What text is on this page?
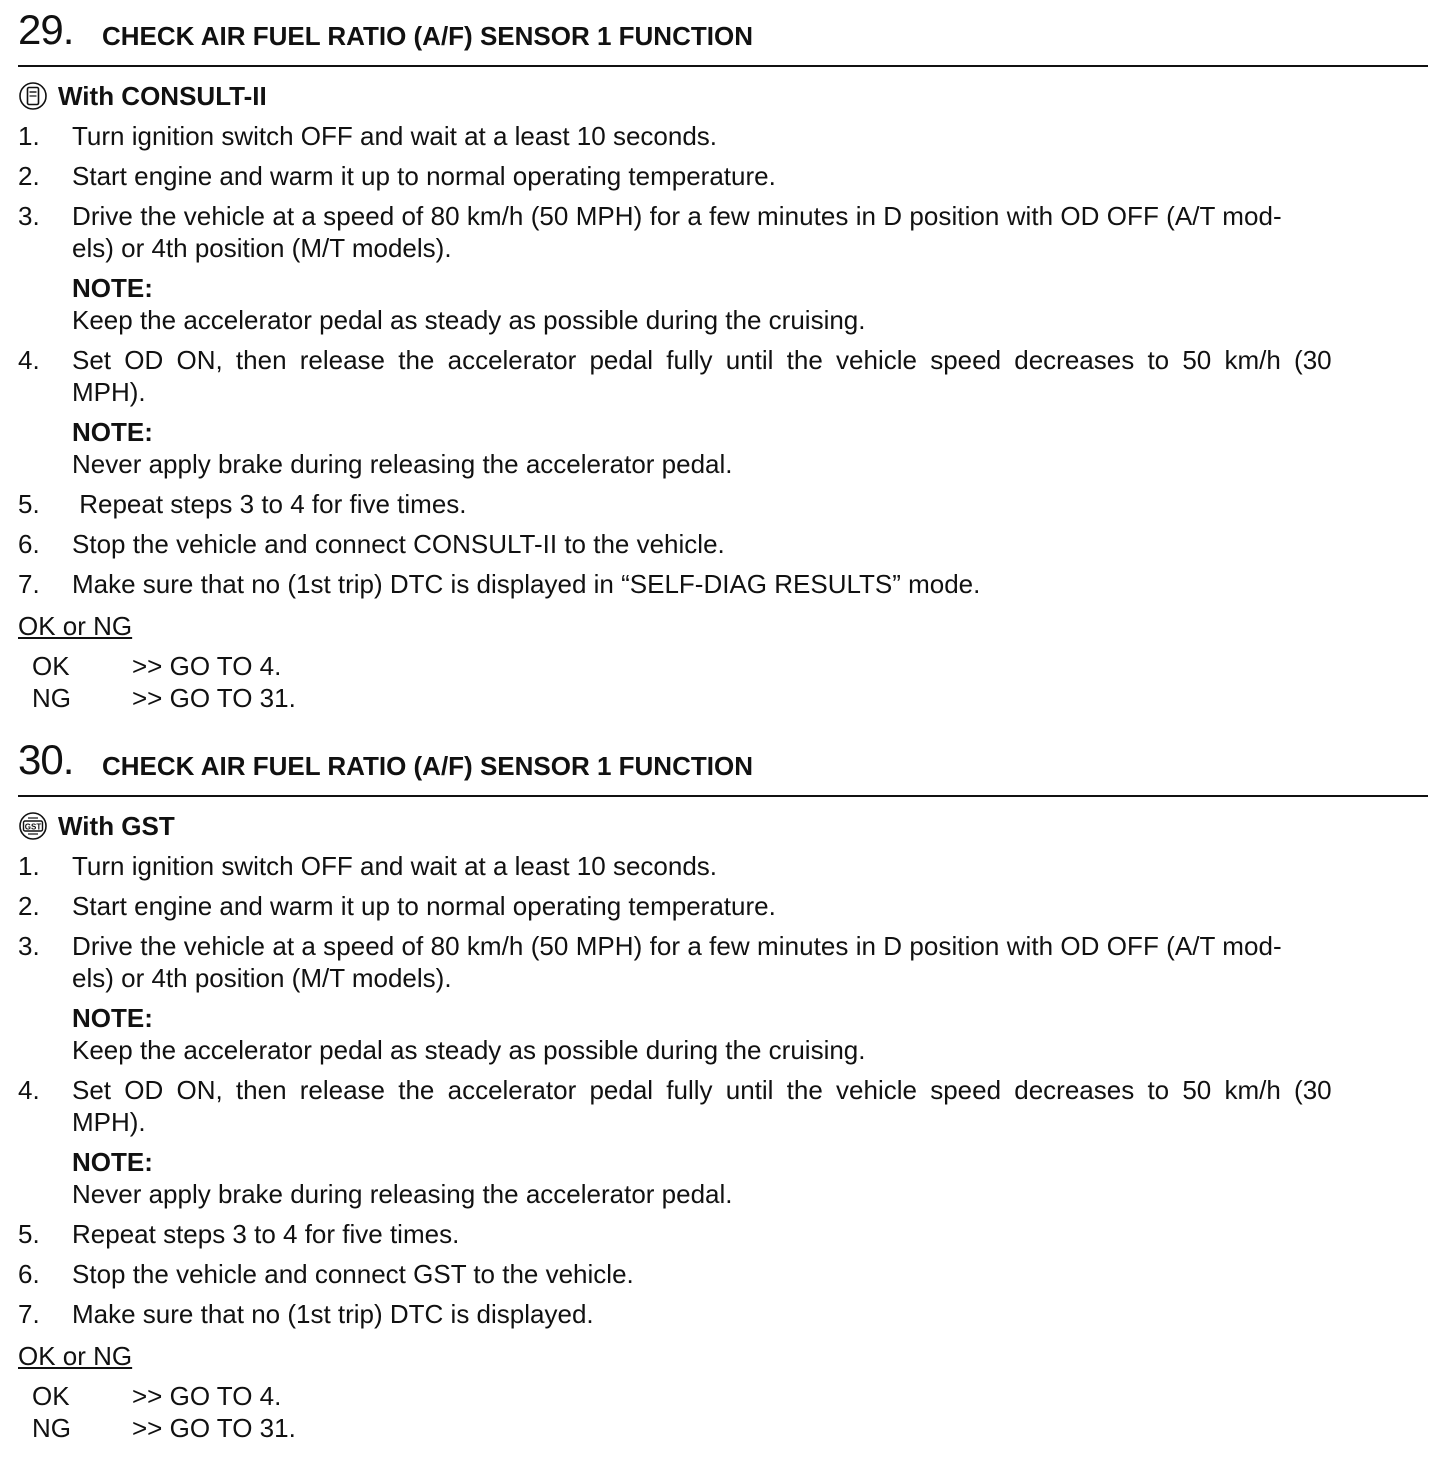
29. CHECK AIR FUEL RATIO (A/F) SENSOR 1 FUNCTION
With CONSULT-II
1. Turn ignition switch OFF and wait at a least 10 seconds.
2. Start engine and warm it up to normal operating temperature.
3. Drive the vehicle at a speed of 80 km/h (50 MPH) for a few minutes in D position with OD OFF (A/T mod-
els) or 4th position (M/T models).
NOTE:
Keep the accelerator pedal as steady as possible during the cruising.
4. Set OD ON, then release the accelerator pedal fully until the vehicle speed decreases to 50 km/h (30
MPH).
NOTE:
Never apply brake during releasing the accelerator pedal.
5. Repeat steps 3 to 4 for five times.
6. Stop the vehicle and connect CONSULT-II to the vehicle.
7. Make sure that no (1st trip) DTC is displayed in “SELF-DIAG RESULTS” mode.
OK or NG
OK >> GO TO 4.
NG >> GO TO 31.
30. CHECK AIR FUEL RATIO (A/F) SENSOR 1 FUNCTION
GST With GST
1. Turn ignition switch OFF and wait at a least 10 seconds.
2. Start engine and warm it up to normal operating temperature.
3. Drive the vehicle at a speed of 80 km/h (50 MPH) for a few minutes in D position with OD OFF (A/T mod-
els) or 4th position (M/T models).
NOTE:
Keep the accelerator pedal as steady as possible during the cruising.
4. Set OD ON, then release the accelerator pedal fully until the vehicle speed decreases to 50 km/h (30
MPH).
NOTE:
Never apply brake during releasing the accelerator pedal.
5. Repeat steps 3 to 4 for five times.
6. Stop the vehicle and connect GST to the vehicle.
7. Make sure that no (1st trip) DTC is displayed.
OK or NG
OK >> GO TO 4.
NG >> GO TO 31.
